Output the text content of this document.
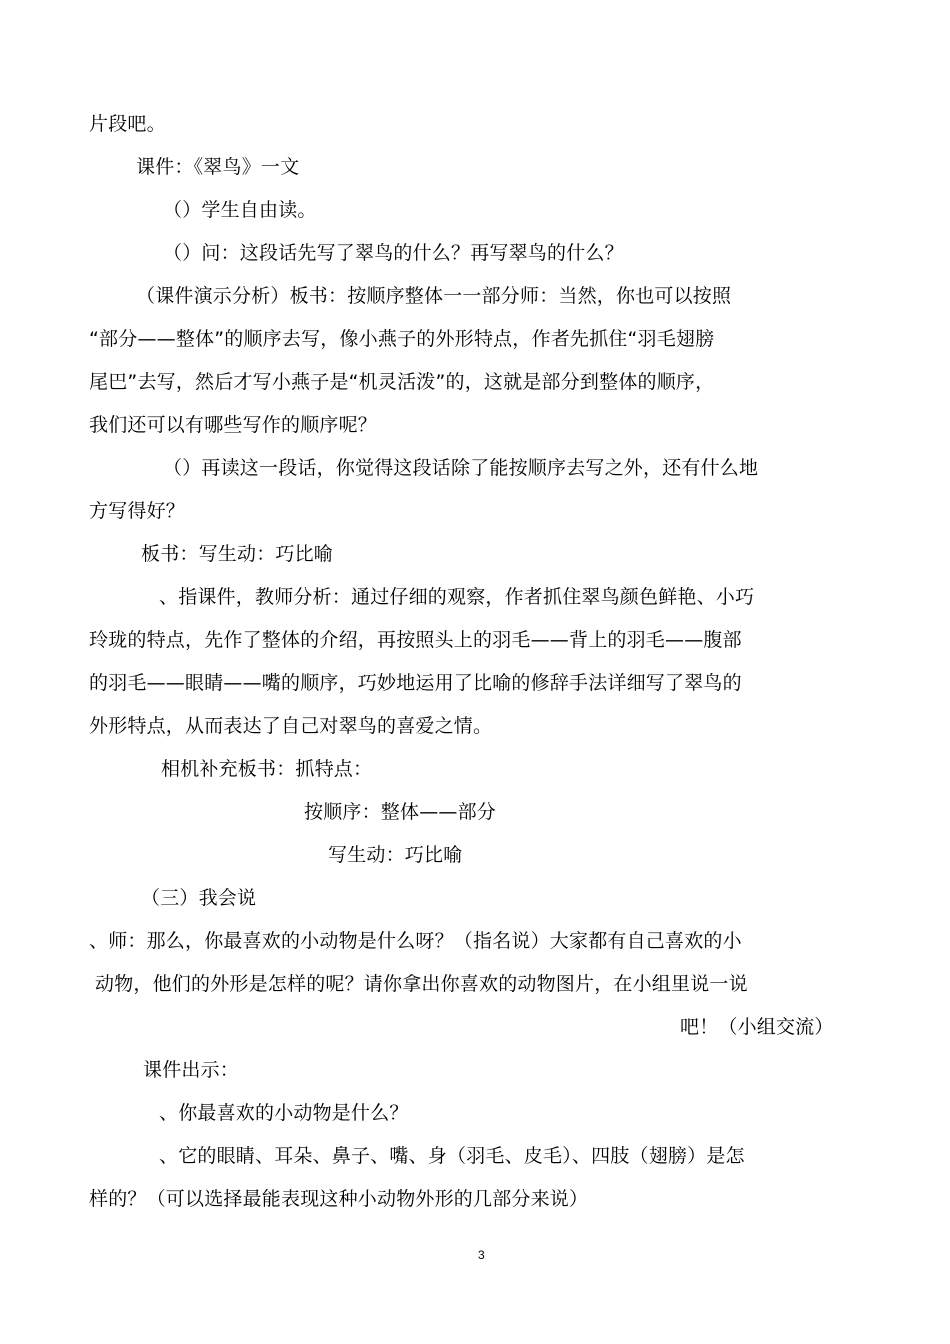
片段吧。
课件：《翠鸟》一文
（）学生自由读。
（）问：这段话先写了翠鸟的什么？再写翠鸟的什么？
（课件演示分析）板书：按顺序整体一一部分师：当然，你也可以按照
“部分——整体”的顺序去写，像小燕子的外形特点，作者先抓住“羽毛翅膀
尾巴”去写，然后才写小燕子是“机灵活泼”的，这就是部分到整体的顺序，
我们还可以有哪些写作的顺序呢？
（）再读这一段话，你觉得这段话除了能按顺序去写之外，还有什么地
方写得好？
板书：写生动：巧比喻
、指课件，教师分析：通过仔细的观察，作者抓住翠鸟颜色鲜艳、小巧
玲珑的特点，先作了整体的介绍，再按照头上的羽毛——背上的羽毛——腹部
的羽毛——眼睛——嘴的顺序，巧妙地运用了比喻的修辞手法详细写了翠鸟的
外形特点，从而表达了自己对翠鸟的喜爱之情。
相机补充板书：抓特点：
按顺序：整体——部分
写生动：巧比喻
（三）我会说
、师：那么，你最喜欢的小动物是什么呀？（指名说）大家都有自己喜欢的小
动物，他们的外形是怎样的呢？请你拿出你喜欢的动物图片，在小组里说一说
吧！（小组交流）
课件出示：
、你最喜欢的小动物是什么？
、它的眼睛、耳朵、鼻子、嘴、身（羽毛、皮毛）、四肢（翅膀）是怎
样的？（可以选择最能表现这种小动物外形的几部分来说）
3
